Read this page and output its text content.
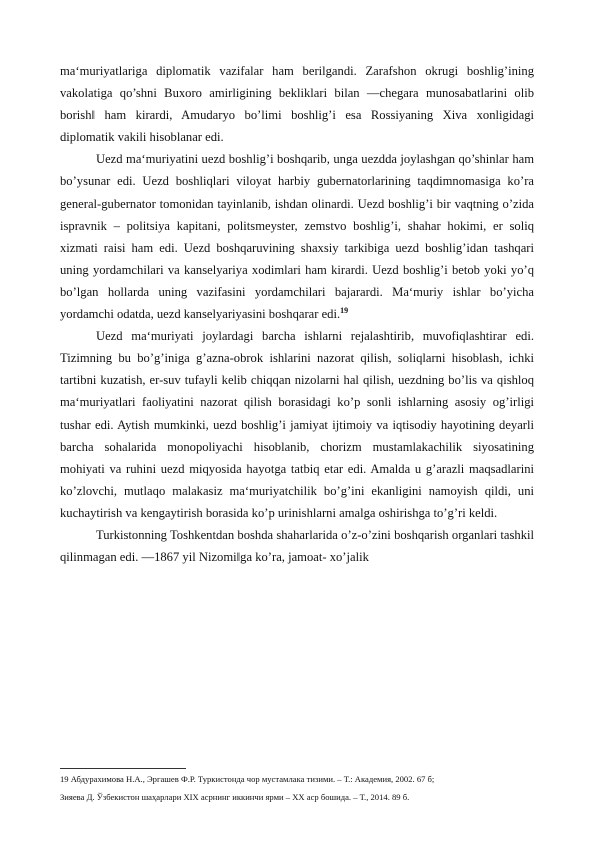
ma‘muriyatlariga diplomatik vazifalar ham berilgandi. Zarafshon okrugi boshlig’ining vakolatiga qo’shni Buxoro amirligining bekliklari bilan ―chegara munosabatlarini olib borish‖ ham kirardi, Amudaryo bo’limi boshlig’i esa Rossiyaning Xiva xonligidagi diplomatik vakili hisoblanar edi.

Uezd ma‘muriyatini uezd boshlig’i boshqarib, unga uezdda joylashgan qo’shinlar ham bo’ysunar edi. Uezd boshliqlari viloyat harbiy gubernatorlarining taqdimnomasiga ko’ra general-gubernator tomonidan tayinlanib, ishdan olinardi. Uezd boshlig’i bir vaqtning o’zida ispravnik – politsiya kapitani, politsmeyster, zemstvo boshlig’i, shahar hokimi, er soliq xizmati raisi ham edi. Uezd boshqaruvining shaxsiy tarkibiga uezd boshlig’idan tashqari uning yordamchilari va kanselyariya xodimlari ham kirardi. Uezd boshlig’i betob yoki yo’q bo’lgan hollarda uning vazifasini yordamchilari bajarardi. Ma‘muriy ishlar bo’yicha yordamchi odatda, uezd kanselyariyasini boshqarar edi.$^{19}$

Uezd ma‘muriyati joylardagi barcha ishlarni rejalashtirib, muvofiqlashtirar edi. Tizimning bu bo’g’iniga g’azna-obrok ishlarini nazorat qilish, soliqlarni hisoblash, ichki tartibni kuzatish, er-suv tufayli kelib chiqqan nizolarni hal qilish, uezdning bo’lis va qishloq ma‘muriyatlari faoliyatini nazorat qilish borasidagi ko’p sonli ishlarning asosiy og’irligi tushar edi. Aytish mumkinki, uezd boshlig’i jamiyat ijtimoiy va iqtisodiy hayotining deyarli barcha sohalarida monopoliyachi hisoblanib, chorizm mustamlakachilik siyosatining mohiyati va ruhini uezd miqyosida hayotga tatbiq etar edi. Amalda u g’arazli maqsadlarini ko’zlovchi, mutlaqo malakasiz ma‘muriyatchilik bo’g’ini ekanligini namoyish qildi, uni kuchaytirish va kengaytirish borasida ko’p urinishlarni amalga oshirishga to’g’ri keldi.

Turkistonning Toshkentdan boshda shaharlarida o’z-o’zini boshqarish organlari tashkil qilinmagan edi. ―1867 yil Nizomi‖ga ko’ra, jamoat- xo’jalik

19 Абдурахимова Н.А., Эргашев Ф.Р. Туркистонда чор мустамлака тизими. – Т.: Академия, 2002. 67 б;

Зияева Д. Ўзбекистон шаҳарлари XIX асрнинг иккинчи ярми – XX аср бошида. – Т., 2014. 89 б.
